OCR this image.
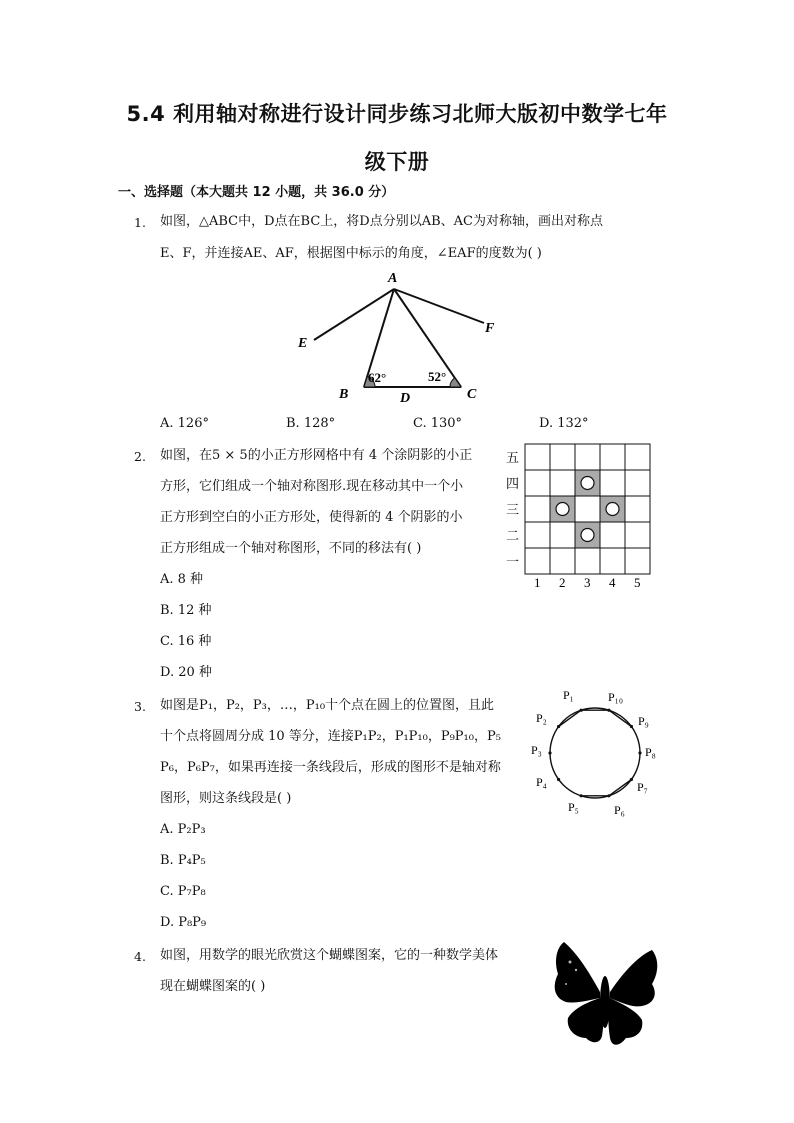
5.4 利用轴对称进行设计同步练习北师大版初中数学七年
级下册
一、选择题（本大题共 12 小题，共 36.0 分）
1. 如图，△ABC中，D点在BC上，将D点分别以AB、AC为对称轴，画出对称点
E、F，并连接AE、AF，根据图中标示的角度，∠EAF的度数为( )
A
B	C
D
E
F
62°	52°
A. 126°	B. 128°	C. 130°	D. 132°
2. 如图，在5 × 5的小正方形网格中有 4 个涂阴影的小正
方形，它们组成一个轴对称图形.现在移动其中一个小
正方形到空白的小正方形处，使得新的 4 个阴影的小
正方形组成一个轴对称图形，不同的移法有( )
A. 8 种
B. 12 种
C. 16 种
D. 20 种
五
四
三
二
一
1 2 3 4 5
3. 如图是P₁，P₂，P₃，…，P₁₀十个点在圆上的位置图，且此
十个点将圆周分成 10 等分，连接P₁P₂，P₁P₁₀，P₉P₁₀，P₅
P₆，P₆P₇，如果再连接一条线段后，形成的图形不是轴对称
图形，则这条线段是( )
A. P₂P₃
B. P₄P₅
C. P₇P₈
D. P₈P₉
P₁
P₂
P₃
P₄
P₅	P₆
P₇
P₈
P₉
P₁₀
4. 如图，用数学的眼光欣赏这个蝴蝶图案，它的一种数学美体
现在蝴蝶图案的( )
